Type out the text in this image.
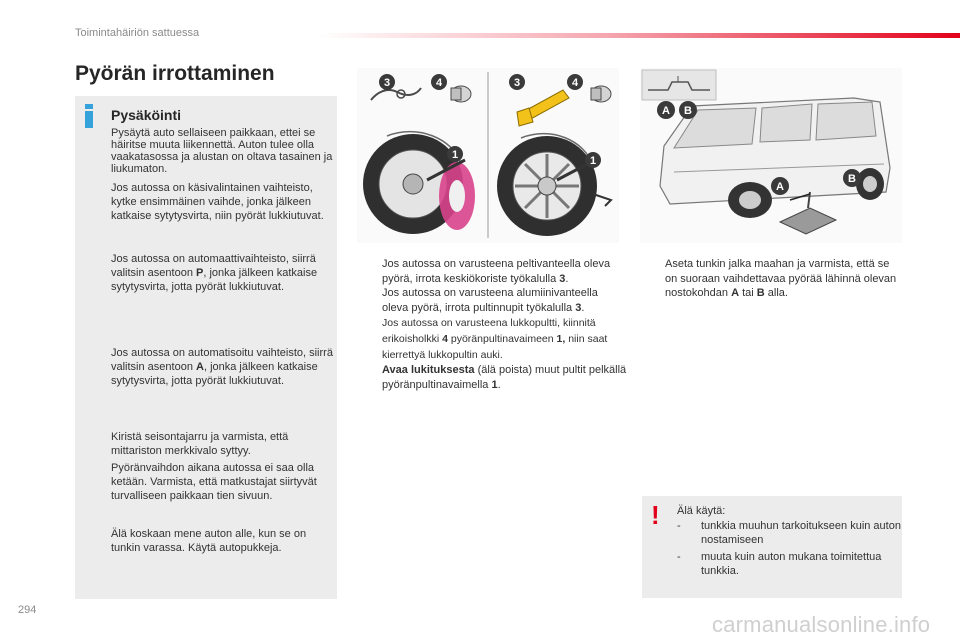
Toimintahäiriön sattuessa
Pyörän irrottaminen
Pysäköinti

Pysäytä auto sellaiseen paikkaan, ettei se häiritse muuta liikennettä. Auton tulee olla vaakatasossa ja alustan on oltava tasainen ja liukumaton.

Jos autossa on käsivalintainen vaihteisto, kytke ensimmäinen vaihde, jonka jälkeen katkaise sytytysvirta, niin pyörät lukkiutuvat.

Jos autossa on automaattivaihteisto, siirrä valitsin asentoon P, jonka jälkeen katkaise sytytysvirta, jotta pyörät lukkiutuvat.

Jos autossa on automatisoitu vaihteisto, siirrä valitsin asentoon A, jonka jälkeen katkaise sytytysvirta, jotta pyörät lukkiutuvat.

Kiristä seisontajarru ja varmista, että mittariston merkkivalo syttyy.

Pyöränvaihdon aikana autossa ei saa olla ketään. Varmista, että matkustajat siirtyvät turvalliseen paikkaan tien sivuun.

Älä koskaan mene auton alle, kun se on tunkin varassa. Käytä autopukkeja.

3	4
1
3	4
1
A B
A
B
Jos autossa on varusteena peltivanteella oleva pyörä, irrota keskiökoriste työkalulla 3.
Jos autossa on varusteena alumiinivanteella oleva pyörä, irrota pultinnupit työkalulla 3.
Jos autossa on varusteena lukkopultti, kiinnitä erikoisholkki 4 pyöränpultinavaimeen 1, niin saat kierrettyä lukkopultin auki.
Avaa lukituksesta (älä poista) muut pultit pelkällä pyöränpultinavaimella 1.
Aseta tunkin jalka maahan ja varmista, että se on suoraan vaihdettavaa pyörää lähinnä olevan nostokohdan A tai B alla.
! Älä käytä:
- tunkkia muuhun tarkoitukseen kuin auton nostamiseen
- muuta kuin auton mukana toimitettua tunkkia.
294
carmanualsonline.info
